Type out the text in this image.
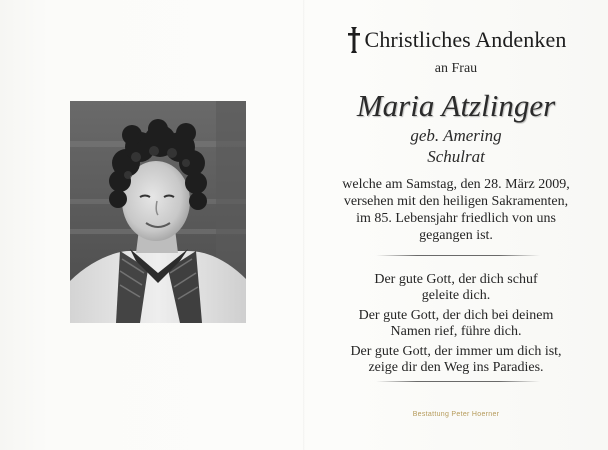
Christliches Andenken
an Frau
Maria Atzlinger
geb. Amering
Schulrat
welche am Samstag, den 28. März 2009,
versehen mit den heiligen Sakramenten,
im 85. Lebensjahr friedlich von uns
gegangen ist.
Der gute Gott, der dich schuf
geleite dich.
Der gute Gott, der dich bei deinem
Namen rief, führe dich.
Der gute Gott, der immer um dich ist,
zeige dir den Weg ins Paradies.
Bestattung Peter Hoerner
